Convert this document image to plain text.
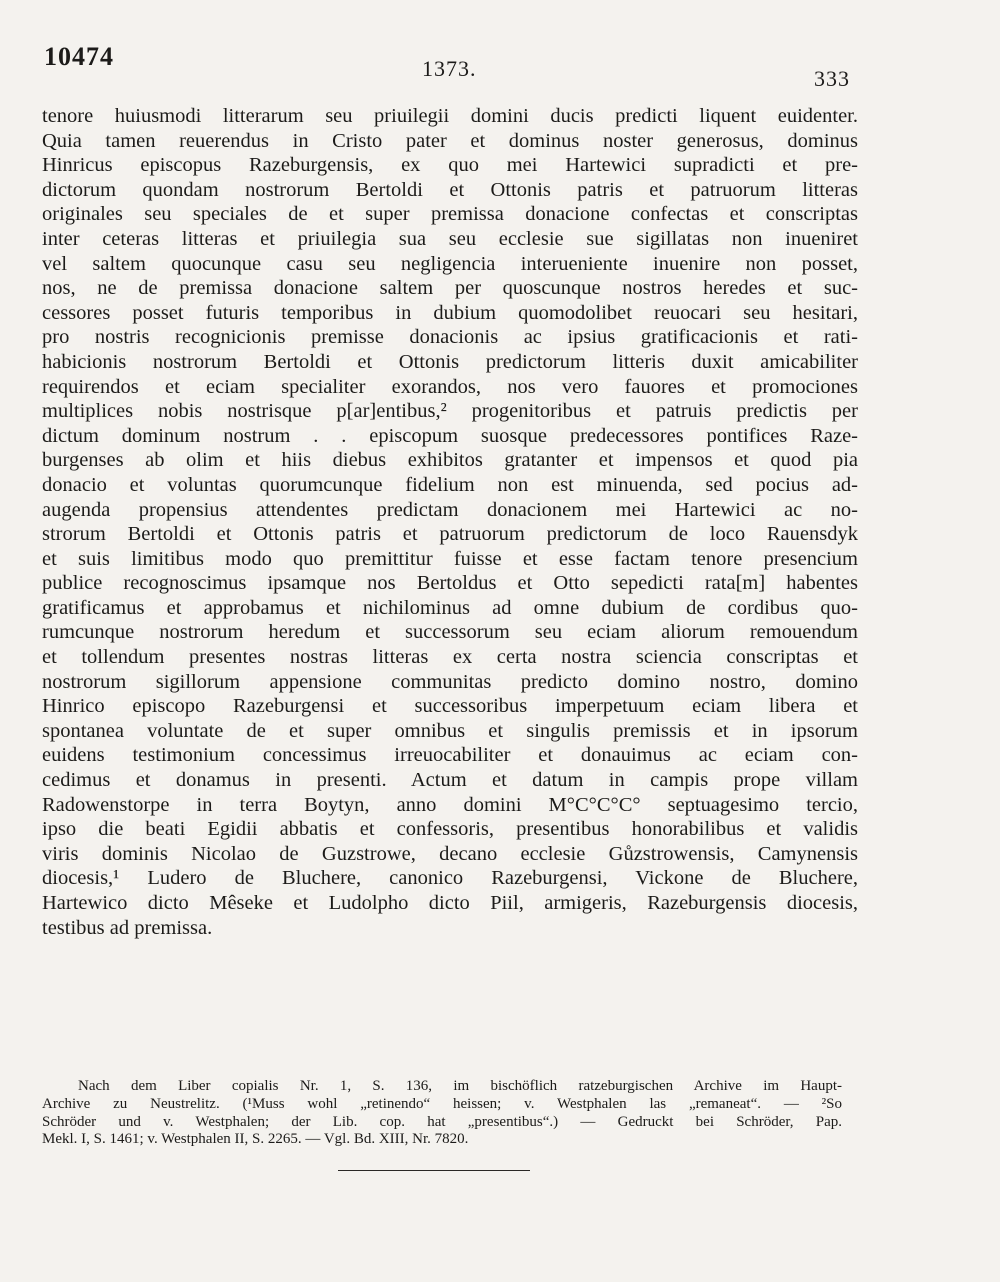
10474	1373.	333
tenore huiusmodi litterarum seu priuilegii domini ducis predicti liquent euidenter.
Quia tamen reuerendus in Cristo pater et dominus noster generosus, dominus
Hinricus episcopus Razeburgensis, ex quo mei Hartewici supradicti et pre-
dictorum quondam nostrorum Bertoldi et Ottonis patris et patruorum litteras
originales seu speciales de et super premissa donacione confectas et conscriptas
inter ceteras litteras et priuilegia sua seu ecclesie sue sigillatas non inueniret
vel saltem quocunque casu seu negligencia interueniente inuenire non posset,
nos, ne de premissa donacione saltem per quoscunque nostros heredes et suc-
cessores posset futuris temporibus in dubium quomodolibet reuocari seu hesitari,
pro nostris recognicionis premisse donacionis ac ipsius gratificacionis et rati-
habicionis nostrorum Bertoldi et Ottonis predictorum litteris duxit amicabiliter
requirendos et eciam specialiter exorandos, nos vero fauores et promociones
multiplices nobis nostrisque p[ar]entibus,² progenitoribus et patruis predictis per
dictum dominum nostrum . . episcopum suosque predecessores pontifices Raze-
burgenses ab olim et hiis diebus exhibitos gratanter et impensos et quod pia
donacio et voluntas quorumcunque fidelium non est minuenda, sed pocius ad-
augenda propensius attendentes predictam donacionem mei Hartewici ac no-
strorum Bertoldi et Ottonis patris et patruorum predictorum de loco Rauensdyk
et suis limitibus modo quo premittitur fuisse et esse factam tenore presencium
publice recognoscimus ipsamque nos Bertoldus et Otto sepedicti rata[m] habentes
gratificamus et approbamus et nichilominus ad omne dubium de cordibus quo-
rumcunque nostrorum heredum et successorum seu eciam aliorum remouendum
et tollendum presentes nostras litteras ex certa nostra sciencia conscriptas et
nostrorum sigillorum appensione communitas predicto domino nostro, domino
Hinrico episcopo Razeburgensi et successoribus imperpetuum eciam libera et
spontanea voluntate de et super omnibus et singulis premissis et in ipsorum
euidens testimonium concessimus irreuocabiliter et donauimus ac eciam con-
cedimus et donamus in presenti. Actum et datum in campis prope villam
Radowenstorpe in terra Boytyn, anno domini M°C°C°C° septuagesimo tercio,
ipso die beati Egidii abbatis et confessoris, presentibus honorabilibus et validis
viris dominis Nicolao de Guzstrowe, decano ecclesie Gůzstrowensis, Camynensis
diocesis,¹ Ludero de Bluchere, canonico Razeburgensi, Vickone de Bluchere,
Hartewico dicto Mêseke et Ludolpho dicto Piil, armigeris, Razeburgensis diocesis,
testibus ad premissa.
Nach dem Liber copialis Nr. 1, S. 136, im bischöflich ratzeburgischen Archive im Haupt-
Archive zu Neustrelitz. (¹Muss wohl „retinendo“ heissen; v. Westphalen las „remaneat“. — ²So
Schröder und v. Westphalen; der Lib. cop. hat „presentibus“.) — Gedruckt bei Schröder, Pap.
Mekl. I, S. 1461; v. Westphalen II, S. 2265. — Vgl. Bd. XIII, Nr. 7820.
